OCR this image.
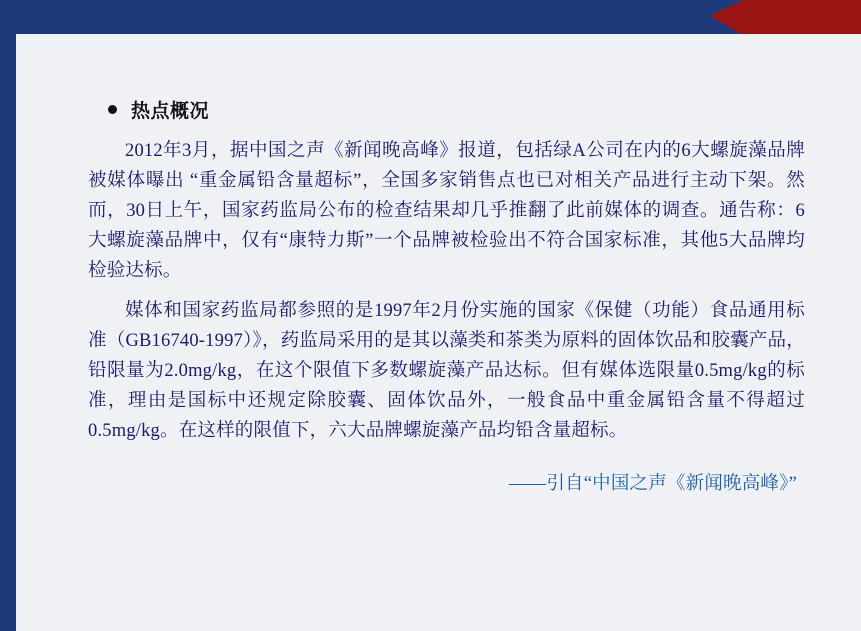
热点概况

2012年3月，据中国之声《新闻晚高峰》报道，包括绿A公司在内的6大螺旋藻品牌被媒体曝出 “重金属铅含量超标”，全国多家销售点也已对相关产品进行主动下架。然而，30日上午，国家药监局公布的检查结果却几乎推翻了此前媒体的调查。通告称：6大螺旋藻品牌中，仅有“康特力斯”一个品牌被检验出不符合国家标准，其他5大品牌均检验达标。

媒体和国家药监局都参照的是1997年2月份实施的国家《保健（功能）食品通用标准（GB16740-1997）》，药监局采用的是其以藻类和茶类为原料的固体饮品和胶囊产品，铅限量为2.0mg/kg，在这个限值下多数螺旋藻产品达标。但有媒体选限量0.5mg/kg的标准，理由是国标中还规定除胶囊、固体饮品外，一般食品中重金属铅含量不得超过0.5mg/kg。在这样的限值下，六大品牌螺旋藻产品均铅含量超标。

——引自“中国之声《新闻晚高峰》”
